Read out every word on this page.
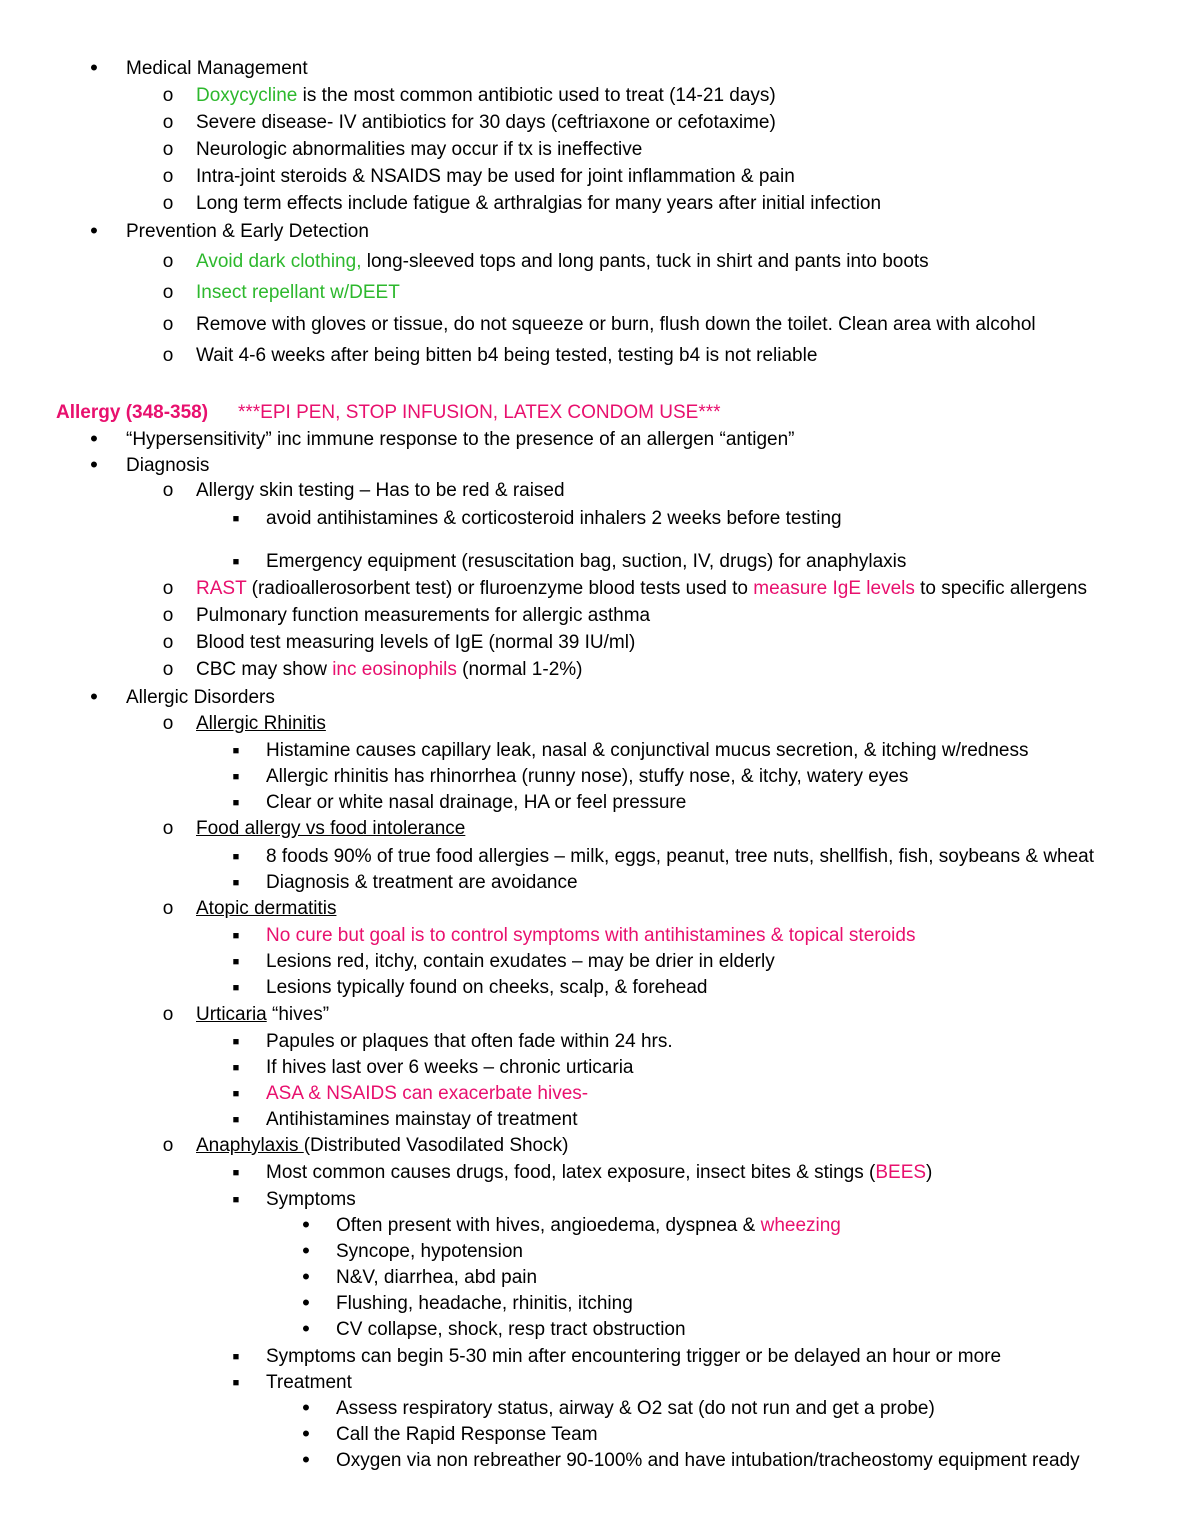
•	Medical Management
o Doxycycline is the most common antibiotic used to treat (14-21 days)
o Severe disease- IV antibiotics for 30 days (ceftriaxone or cefotaxime)
o Neurologic abnormalities may occur if tx is ineffective
o Intra-joint steroids & NSAIDS may be used for joint inflammation & pain
o Long term effects include fatigue & arthralgias for many years after initial infection
•	Prevention & Early Detection
o Avoid dark clothing, long-sleeved tops and long pants, tuck in shirt and pants into boots
o Insect repellant w/DEET
o Remove with gloves or tissue, do not squeeze or burn, flush down the toilet. Clean area with alcohol
o Wait 4-6 weeks after being bitten b4 being tested, testing b4 is not reliable
Allergy (348-358) ***EPI PEN, STOP INFUSION, LATEX CONDOM USE***
•	“Hypersensitivity” inc immune response to the presence of an allergen “antigen”
•	Diagnosis
o Allergy skin testing – Has to be red & raised
■	avoid antihistamines & corticosteroid inhalers 2 weeks before testing
■	Emergency equipment (resuscitation bag, suction, IV, drugs) for anaphylaxis
o RAST (radioallerosorbent test) or fluroenzyme blood tests used to measure IgE levels to specific allergens
o Pulmonary function measurements for allergic asthma
o Blood test measuring levels of IgE (normal 39 IU/ml)
o CBC may show inc eosinophils (normal 1-2%)
•	Allergic Disorders
o Allergic Rhinitis
■	Histamine causes capillary leak, nasal & conjunctival mucus secretion, & itching w/redness
■	Allergic rhinitis has rhinorrhea (runny nose), stuffy nose, & itchy, watery eyes
■	Clear or white nasal drainage, HA or feel pressure
o Food allergy vs food intolerance
■	8 foods 90% of true food allergies – milk, eggs, peanut, tree nuts, shellfish, fish, soybeans & wheat
■	Diagnosis & treatment are avoidance
o Atopic dermatitis
■	No cure but goal is to control symptoms with antihistamines & topical steroids
■	Lesions red, itchy, contain exudates – may be drier in elderly
■	Lesions typically found on cheeks, scalp, & forehead
o Urticaria “hives”
■	Papules or plaques that often fade within 24 hrs.
■	If hives last over 6 weeks – chronic urticaria
■	ASA & NSAIDS can exacerbate hives-
■	Antihistamines mainstay of treatment
o Anaphylaxis (Distributed Vasodilated Shock)
■	Most common causes drugs, food, latex exposure, insect bites & stings (BEES)
■	Symptoms
•	Often present with hives, angioedema, dyspnea & wheezing
•	Syncope, hypotension
•	N&V, diarrhea, abd pain
•	Flushing, headache, rhinitis, itching
•	CV collapse, shock, resp tract obstruction
■	Symptoms can begin 5-30 min after encountering trigger or be delayed an hour or more
■	Treatment
•	Assess respiratory status, airway & O2 sat (do not run and get a probe)
•	Call the Rapid Response Team
•	Oxygen via non rebreather 90-100% and have intubation/tracheostomy equipment ready
